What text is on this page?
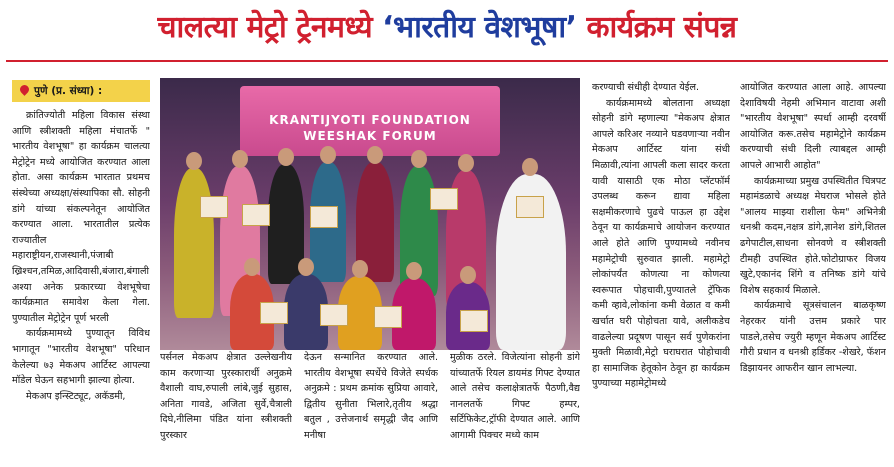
चालत्या मेट्रो ट्रेनमध्ये ‘भारतीय वेशभूषा’ कार्यक्रम संपन्न
पुणे (प्र. संध्या) :

क्रांतिज्योती महिला विकास संस्था आणि स्त्रीशक्ती महिला मंचातर्फे " भारतीय वेशभूषा" हा कार्यक्रम चालत्या मेट्रोट्रेन मध्ये आयोजित करण्यात आला होता. असा कार्यक्रम भारतात प्रथमच संस्थेच्या अध्यक्षा/संस्थापिका सौ. सोहनी डांगे यांच्या संकल्पनेतून आयोजित करण्यात आला. भारतातील प्रत्येक राज्यातील महाराष्ट्रीयन,राजस्थानी,पंजाबी ख्रिश्चन,तमिळ,आदिवासी,बंजारा,बंगाली अश्या अनेक प्रकारच्या वेशभूषेचा कार्यक्रमात समावेश केला गेला. पुण्यातील मेट्रोट्रेन पूर्ण भरली

कार्यक्रमामध्ये पुण्यातून विविध भागातून "भारतीय वेशभूषा" परिधान केलेल्या ७३ मेकअप आर्टिस्ट आपल्या मॉडेल घेऊन सहभागी झाल्या होत्या.

मेकअप इन्स्टिट्यूट, अकॅडमी,

KRANTIJYOTI FOUNDATION
WEESHAK FORUM

पर्सनल मेकअप क्षेत्रात उल्लेखनीय काम करणाऱ्या पुरस्कारार्थी अनुक्रमे वैशाली वाघ,रुपाली लांबे,जुई सुहास, अनिता गावडे, अजिता सुर्वे,चैत्राली दिघे,नीलिमा पंडित यांना स्त्रीशक्ती पुरस्कार

देऊन सन्मानित करण्यात आले. भारतीय वेशभूषा स्पर्धेचे विजेते स्पर्धक अनुक्रमे : प्रथम क्रमांक सुप्रिया आवारे, द्वितीय सुनीता भिलारे,तृतीय श्रद्धा बतुल , उत्तेजनार्थ समृद्धी जैद आणि मनीषा

मुळीक ठरले. विजेत्यांना सोहनी डांगे यांच्यातर्फे रियल डायमंड गिफ्ट देण्यात आले तसेच कलाक्षेत्रातर्फे पैठणी,वैद्य नानलतर्फे गिफ्ट हम्पर, सर्टिफिकेट,ट्रॉफी देण्यात आले. आणि आगामी पिक्चर मध्ये काम

करण्याची संधीही देण्यात येईल.

कार्यक्रमामध्ये बोलताना अध्यक्षा सोहनी डांगे म्हणाल्या "मेकअप क्षेत्रात आपले करिअर नव्याने घडवणाऱ्या नवीन मेकअप आर्टिस्ट यांना संधी मिळावी,त्यांना आपली कला सादर करता यावी यासाठी एक मोठा प्लॅटफॉर्म उपलब्ध करून द्यावा महिला सक्षमीकरणाचे पुढचे पाऊल हा उद्देश ठेवून या कार्यक्रमाचे आयोजन करण्यात आले होते आणि पुण्यामध्ये नवीनच महामेट्रोची सुरुवात झाली. महामेट्रो लोकांपर्यंत कोणत्या ना कोणत्या स्वरूपात पोहचावी,पुण्यातले ट्रॅफिक कमी व्हावे,लोकांना कमी वेळात व कमी खर्चात घरी पोहोचता यावे, अलीकडेच वाढलेल्या प्रदूषण पासून सर्व पुणेकरांना मुक्ती मिळावी,मेट्रो घराघरात पोहोचावी हा सामाजिक हेतूकोन ठेवून हा कार्यक्रम पुण्याच्या महामेट्रोमध्ये

आयोजित करण्यात आला आहे. आपल्या देशाविषयी नेहमी अभिमान वाटावा अशी "भारतीय वेशभूषा" स्पर्धा आम्ही दरवर्षी आयोजित करू.तसेच महामेट्रोने कार्यक्रम करण्याची संधी दिली त्याबद्दल आम्ही आपले आभारी आहोत"

कार्यक्रमाच्या प्रमुख उपस्थितीत चित्रपट महामंडळाचे अध्यक्ष मेघराज भोसले होते "आलय माझ्या राशीला फेम" अभिनेत्री धनश्री कदम,नक्षत्र डांगे,ज्ञानेश डांगे,शितल ढगेपाटील,साधना सोनवणे व स्त्रीशक्ती टीमही उपस्थित होते.फोटोग्राफर विजय खुटे,एकानंद शिंगे व तनिष्क डांगे यांचे विशेष सहकार्य मिळाले.

कार्यक्रमाचे सूत्रसंचालन बाळकृष्ण नेहरकर यांनी उत्तम प्रकारे पार पाडले,तसेच ज्युरी म्हणून मेकअप आर्टिस्ट गौरी प्रधान व धनश्री हर्डिकर -शेखरे, फॅशन डिझायनर आफरीन खान लाभल्या.
